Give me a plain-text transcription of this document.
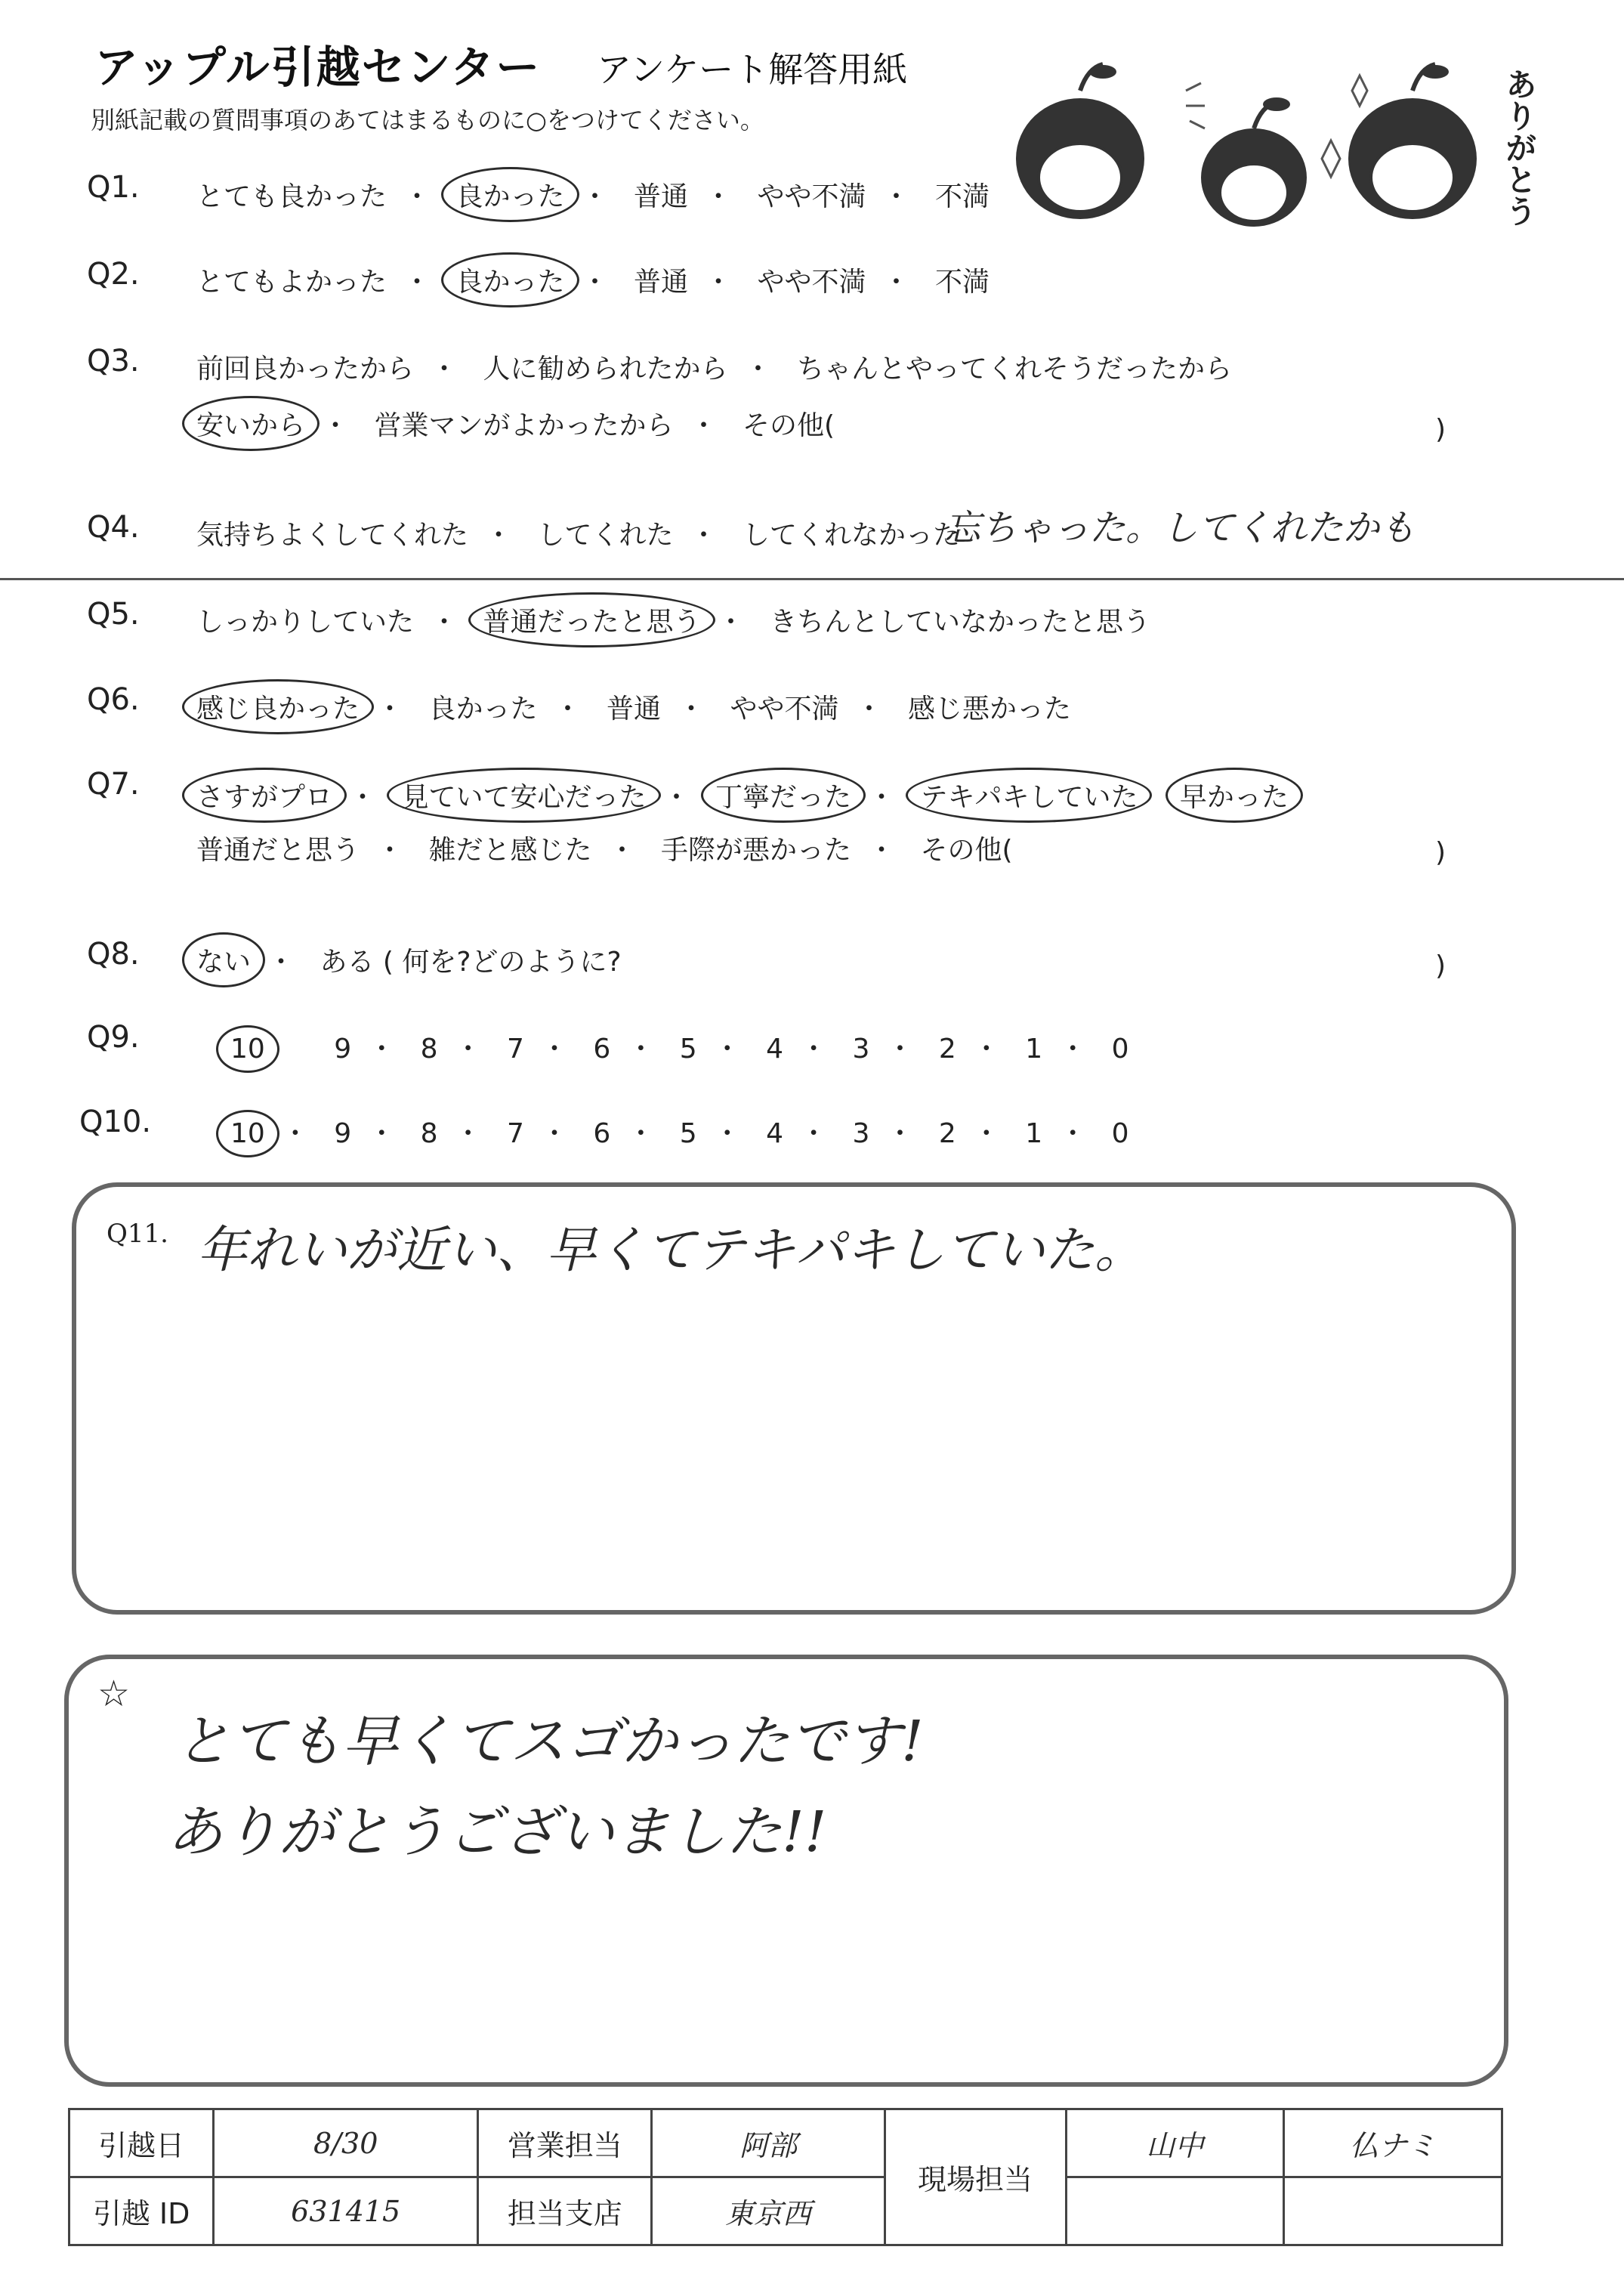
アップル引越センター アンケート解答用紙
別紙記載の質問事項のあてはまるものに○をつけてください。	ありがとう
Q1. とても良かった ・ 良かった ・ 普通 ・ やや不満 ・ 不満
Q2. とてもよかった ・ 良かった ・ 普通 ・ やや不満 ・ 不満
Q3. 前回良かったから ・ 人に勧められたから ・ ちゃんとやってくれそうだったから
安いから ・ 営業マンがよかったから ・ その他(	)
Q4. 気持ちよくしてくれた ・ してくれた ・ してくれなかった
忘ちゃった。してくれたかも
Q5. しっかりしていた ・ 普通だったと思う ・ きちんとしていなかったと思う
Q6. 感じ良かった ・ 良かった ・ 普通 ・ やや不満 ・ 感じ悪かった
Q7. さすがプロ ・ 見ていて安心だった ・ 丁寧だった ・ テキパキしていた 早かった
普通だと思う ・ 雑だと感じた ・ 手際が悪かった ・ その他(	)
Q8. ない ・ ある ( 何を?どのように?	)
Q9.	10　	9 ・ 8 ・ 7 ・ 6 ・ 5 ・ 4 ・ 3 ・ 2 ・ 1 ・ 0
Q10.	10 ・ 9 ・ 8 ・ 7 ・ 6 ・ 5 ・ 4 ・ 3 ・ 2 ・ 1 ・ 0
Q11. 年れいが近い、早くてテキパキしていた。
☆
とても早くてスゴかったです!
ありがとうございました!!
引越日	8/30	営業担当	阿部	現場担当	山中	仏ナミ
引越 ID	631415	担当支店	東京西			
